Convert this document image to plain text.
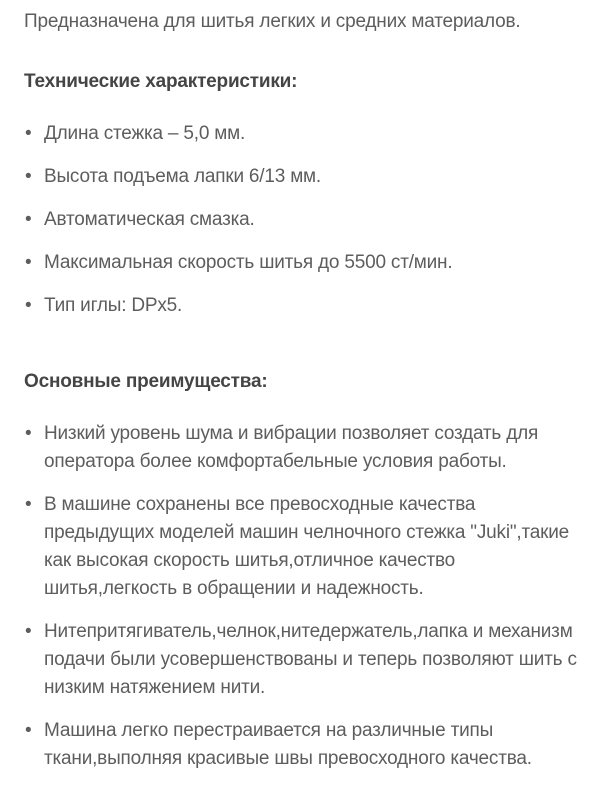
Предназначена для шитья легких и средних материалов.

Технические характеристики:
• Длина стежка – 5,0 мм.
• Высота подъема лапки 6/13 мм.
• Автоматическая смазка.
• Максимальная скорость шитья до 5500 ст/мин.
• Тип иглы: DPx5.
Основные преимущества:
• Низкий уровень шума и вибрации позволяет создать для оператора более комфортабельные условия работы.
• В машине сохранены все превосходные качества предыдущих моделей машин челночного стежка "Juki",такие как высокая скорость шитья,отличное качество шитья,легкость в обращении и надежность.
• Нитепритягиватель,челнок,нитедержатель,лапка и механизм подачи были усовершенствованы и теперь позволяют шить с низким натяжением нити.
• Машина легко перестраивается на различные типы ткани,выполняя красивые швы превосходного качества.
